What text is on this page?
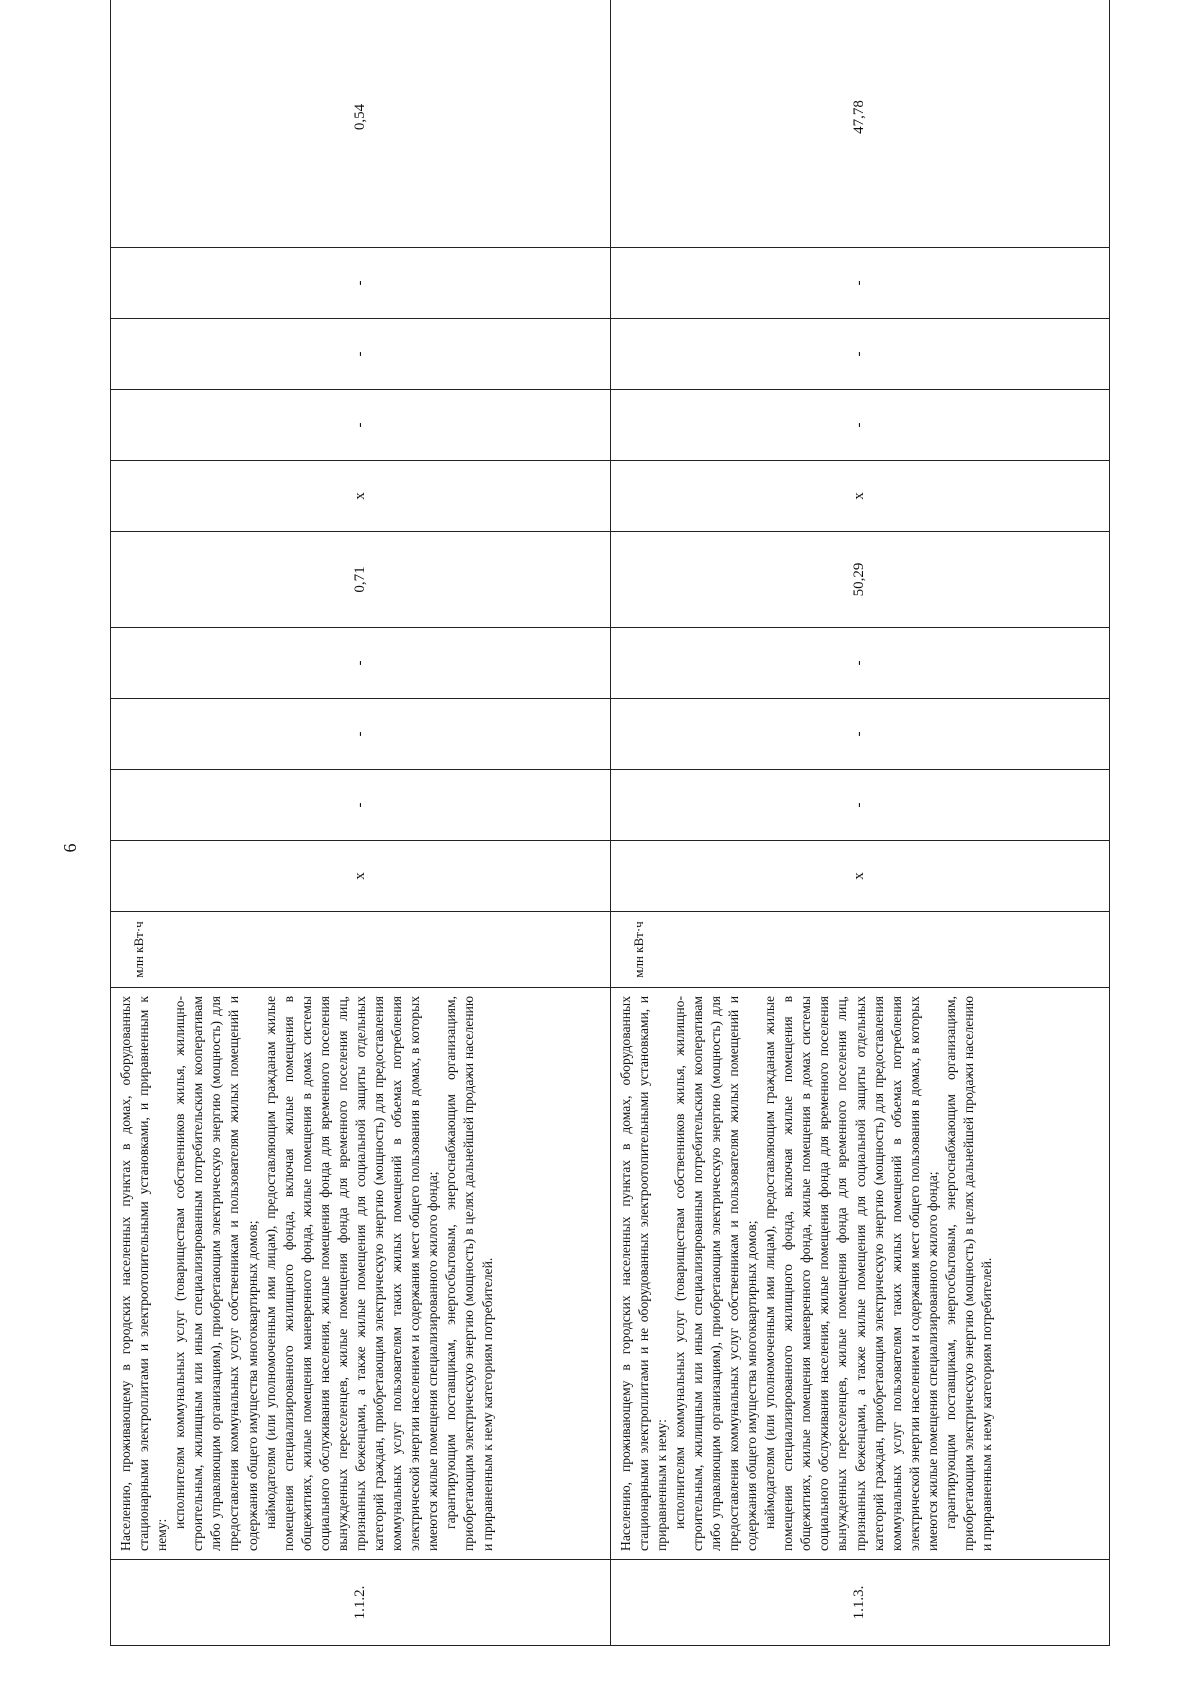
6
1.1.2.	Населению, проживающему в городских населенных пунктах в домах, оборудованных стационарными электроплитами и электроотопительными установками, и приравненным к нему:

исполнителям коммунальных услуг (товариществам собственников жилья, жилищно-строительным, жилищным или иным специализированным потребительским кооперативам либо управляющим организациям), приобретающим электрическую энергию (мощность) для предоставления коммунальных услуг собственникам и пользователям жилых помещений и содержания общего имущества многоквартирных домов; наймодателям (или уполномоченным ими лицам), предоставляющим гражданам жилые помещения специализированного жилищного фонда, включая жилые помещения в общежитиях, жилые помещения маневренного фонда, жилые помещения в домах системы социального обслуживания населения, жилые помещения фонда для временного поселения вынужденных переселенцев, жилые помещения фонда для временного поселения лиц, признанных беженцами, а также жилые помещения для социальной защиты отдельных категорий граждан, приобретающим электрическую энергию (мощность) для предоставления коммунальных услуг пользователям таких жилых помещений в объемах потребления электрической энергии населением и содержания мест общего пользования в домах, в которых имеются жилые помещения специализированного жилого фонда; гарантирующим поставщикам, энергосбытовым, энергоснабжающим организациям, приобретающим электрическую энергию (мощность) в целях дальнейшей продажи населению и приравненным к нему категориям потребителей.	млн кВт·ч	x	-	-	-	0,71	x	-	-	-	0,54
1.1.3.	Населению, проживающему в городских населенных пунктах в домах, оборудованных стационарными электроплитами и не оборудованных электроотопительными установками, и приравненным к нему: исполнителям коммунальных услуг (товариществам собственников жилья, жилищно-строительным, жилищным или иным специализированным потребительским кооперативам либо управляющим организациям), приобретающим электрическую энергию (мощность) для предоставления коммунальных услуг собственникам и пользователям жилых помещений и содержания общего имущества многоквартирных домов; наймодателям (или уполномоченным ими лицам), предоставляющим гражданам жилые помещения специализированного жилищного фонда, включая жилые помещения в общежитиях, жилые помещения маневренного фонда, жилые помещения в домах системы социального обслуживания населения, жилые помещения фонда для временного поселения вынужденных переселенцев, жилые помещения фонда для временного поселения лиц, признанных беженцами, а также жилые помещения для социальной защиты отдельных категорий граждан, приобретающим электрическую энергию (мощность) для предоставления коммунальных услуг пользователям таких жилых помещений в объемах потребления электрической энергии населением и содержания мест общего пользования в домах, в которых имеются жилые помещения специализированного жилого фонда; гарантирующим поставщикам, энергосбытовым, энергоснабжающим организациям, приобретающим электрическую энергию (мощность) в целях дальнейшей продажи населению и приравненным к нему категориям потребителей.	млн кВт·ч	x	-	-	-	50,29	x	-	-	-	47,78
